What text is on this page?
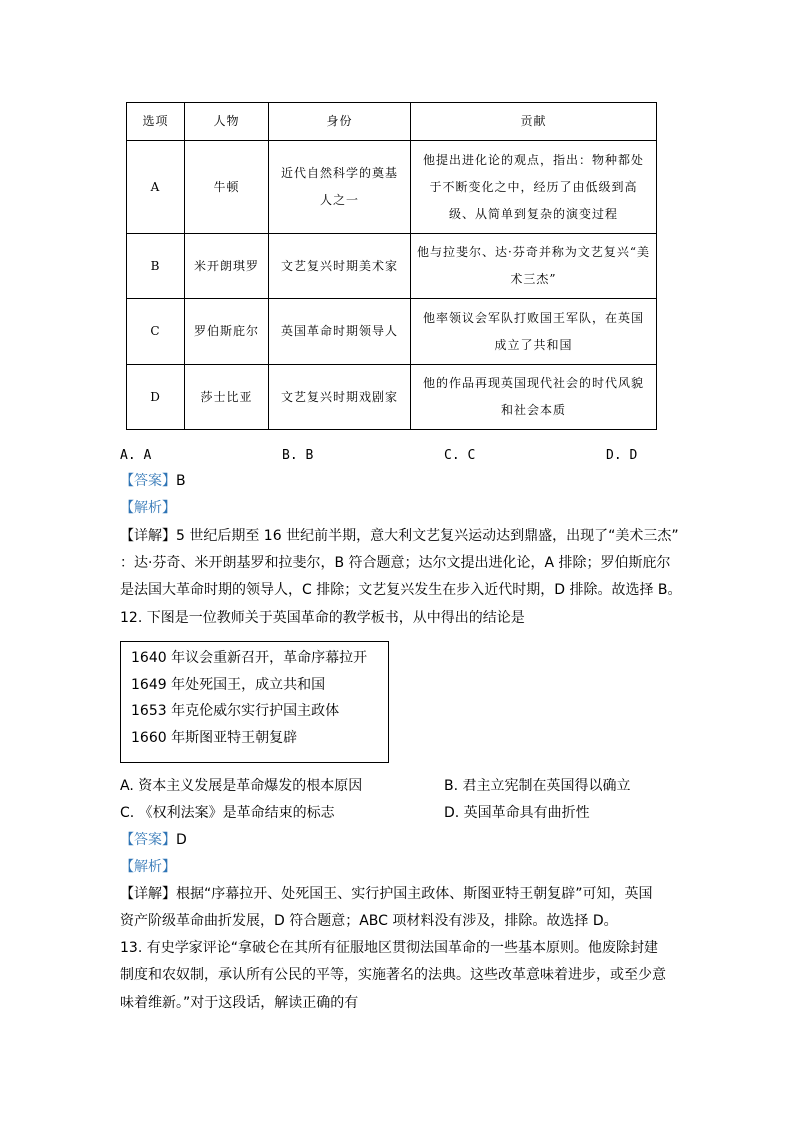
选项	人物	身份	贡献
A	牛顿	近代自然科学的奠基人之一	他提出进化论的观点，指出：物种都处于不断变化之中，经历了由低级到高级、从简单到复杂的演变过程
B	米开朗琪罗	文艺复兴时期美术家	他与拉斐尔、达·芬奇并称为文艺复兴“美术三杰”
C	罗伯斯庇尔	英国革命时期领导人	他率领议会军队打败国王军队，在英国成立了共和国
D	莎士比亚	文艺复兴时期戏剧家	他的作品再现英国现代社会的时代风貌和社会本质
A. A	B. B	C. C	D. D
【答案】B
【解析】
【详解】5 世纪后期至 16 世纪前半期，意大利文艺复兴运动达到鼎盛，出现了“美术三杰”
：达·芬奇、米开朗基罗和拉斐尔，B 符合题意；达尔文提出进化论，A 排除；罗伯斯庇尔
是法国大革命时期的领导人，C 排除；文艺复兴发生在步入近代时期，D 排除。故选择 B。
12. 下图是一位教师关于英国革命的教学板书，从中得出的结论是
1640 年议会重新召开，革命序幕拉开
1649 年处死国王，成立共和国
1653 年克伦威尔实行护国主政体
1660 年斯图亚特王朝复辟
A. 资本主义发展是革命爆发的根本原因	B. 君主立宪制在英国得以确立
C. 《权利法案》是革命结束的标志	D. 英国革命具有曲折性
【答案】D
【解析】
【详解】根据“序幕拉开、处死国王、实行护国主政体、斯图亚特王朝复辟”可知，英国
资产阶级革命曲折发展，D 符合题意；ABC 项材料没有涉及，排除。故选择 D。
13. 有史学家评论“拿破仑在其所有征服地区贯彻法国革命的一些基本原则。他废除封建
制度和农奴制，承认所有公民的平等，实施著名的法典。这些改革意味着进步，或至少意
味着维新。”对于这段话，解读正确的有
